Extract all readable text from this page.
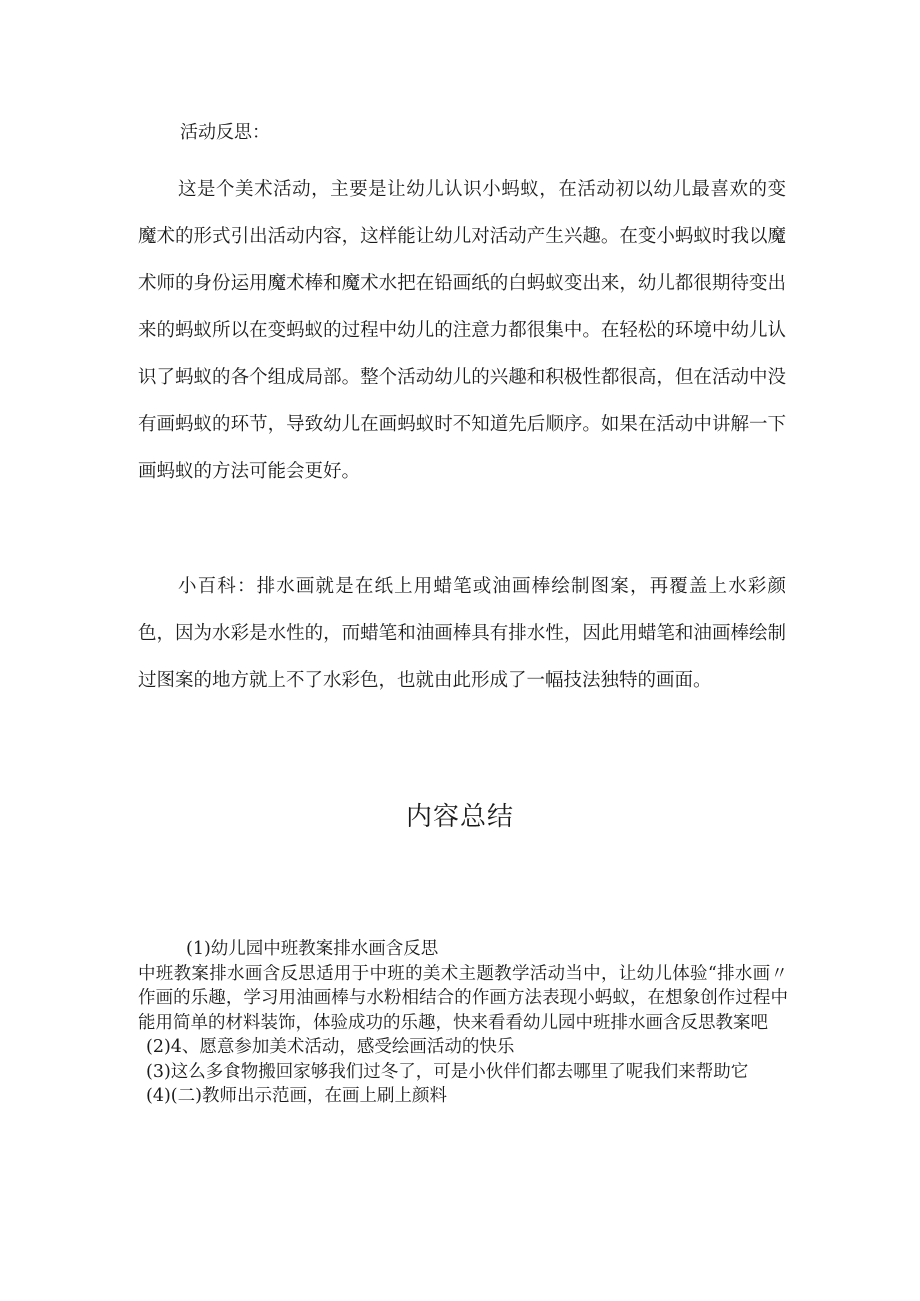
活动反思：

这是个美术活动，主要是让幼儿认识小蚂蚁，在活动初以幼儿最喜欢的变魔术的形式引出活动内容，这样能让幼儿对活动产生兴趣。在变小蚂蚁时我以魔术师的身份运用魔术棒和魔术水把在铅画纸的白蚂蚁变出来，幼儿都很期待变出来的蚂蚁所以在变蚂蚁的过程中幼儿的注意力都很集中。在轻松的环境中幼儿认识了蚂蚁的各个组成局部。整个活动幼儿的兴趣和积极性都很高，但在活动中没有画蚂蚁的环节，导致幼儿在画蚂蚁时不知道先后顺序。如果在活动中讲解一下画蚂蚁的方法可能会更好。

小百科：排水画就是在纸上用蜡笔或油画棒绘制图案，再覆盖上水彩颜色，因为水彩是水性的，而蜡笔和油画棒具有排水性，因此用蜡笔和油画棒绘制过图案的地方就上不了水彩色，也就由此形成了一幅技法独特的画面。

内容总结

(1)幼儿园中班教案排水画含反思

中班教案排水画含反思适用于中班的美术主题教学活动当中，让幼儿体验“排水画〃作画的乐趣，学习用油画棒与水粉相结合的作画方法表现小蚂蚁，在想象创作过程中能用简单的材料装饰，体验成功的乐趣，快来看看幼儿园中班排水画含反思教案吧

(2)4、愿意参加美术活动，感受绘画活动的快乐

(3)这么多食物搬回家够我们过冬了，可是小伙伴们都去哪里了呢我们来帮助它

(4)(二)教师出示范画，在画上刷上颜料
